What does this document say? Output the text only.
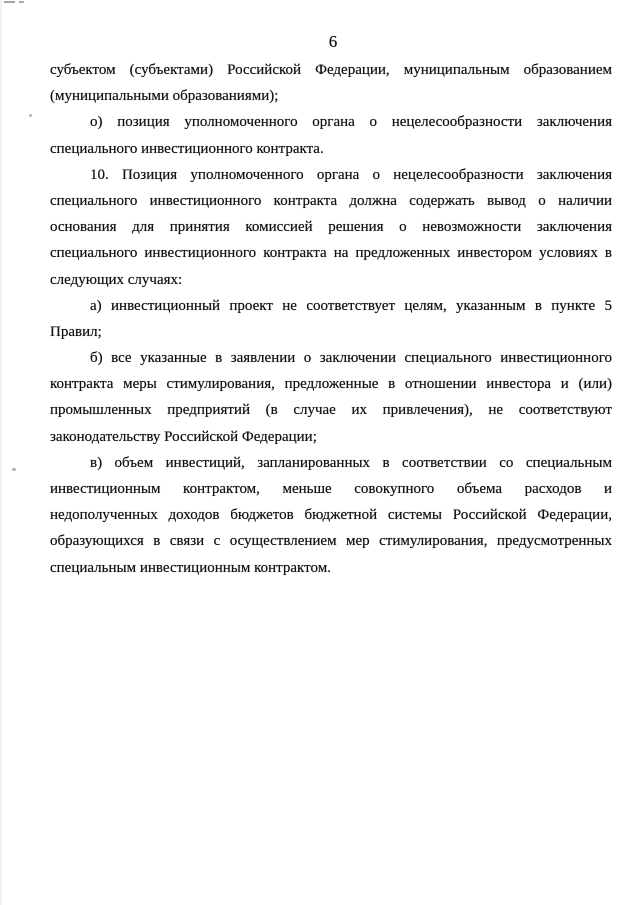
6
субъектом (субъектами) Российской Федерации, муниципальным образованием
(муниципальными образованиями);
о) позиция уполномоченного органа о нецелесообразности заключения
специального инвестиционного контракта.
10. Позиция уполномоченного органа о нецелесообразности заключения
специального инвестиционного контракта должна содержать вывод о наличии
основания для принятия комиссией решения о невозможности заключения
специального инвестиционного контракта на предложенных инвестором условиях в
следующих случаях:
а) инвестиционный проект не соответствует целям, указанным в пункте 5
Правил;
б) все указанные в заявлении о заключении специального инвестиционного
контракта меры стимулирования, предложенные в отношении инвестора и (или)
промышленных предприятий (в случае их привлечения), не соответствуют
законодательству Российской Федерации;
в) объем инвестиций, запланированных в соответствии со специальным
инвестиционным контрактом, меньше совокупного объема расходов и
недополученных доходов бюджетов бюджетной системы Российской Федерации,
образующихся в связи с осуществлением мер стимулирования, предусмотренных
специальным инвестиционным контрактом.
